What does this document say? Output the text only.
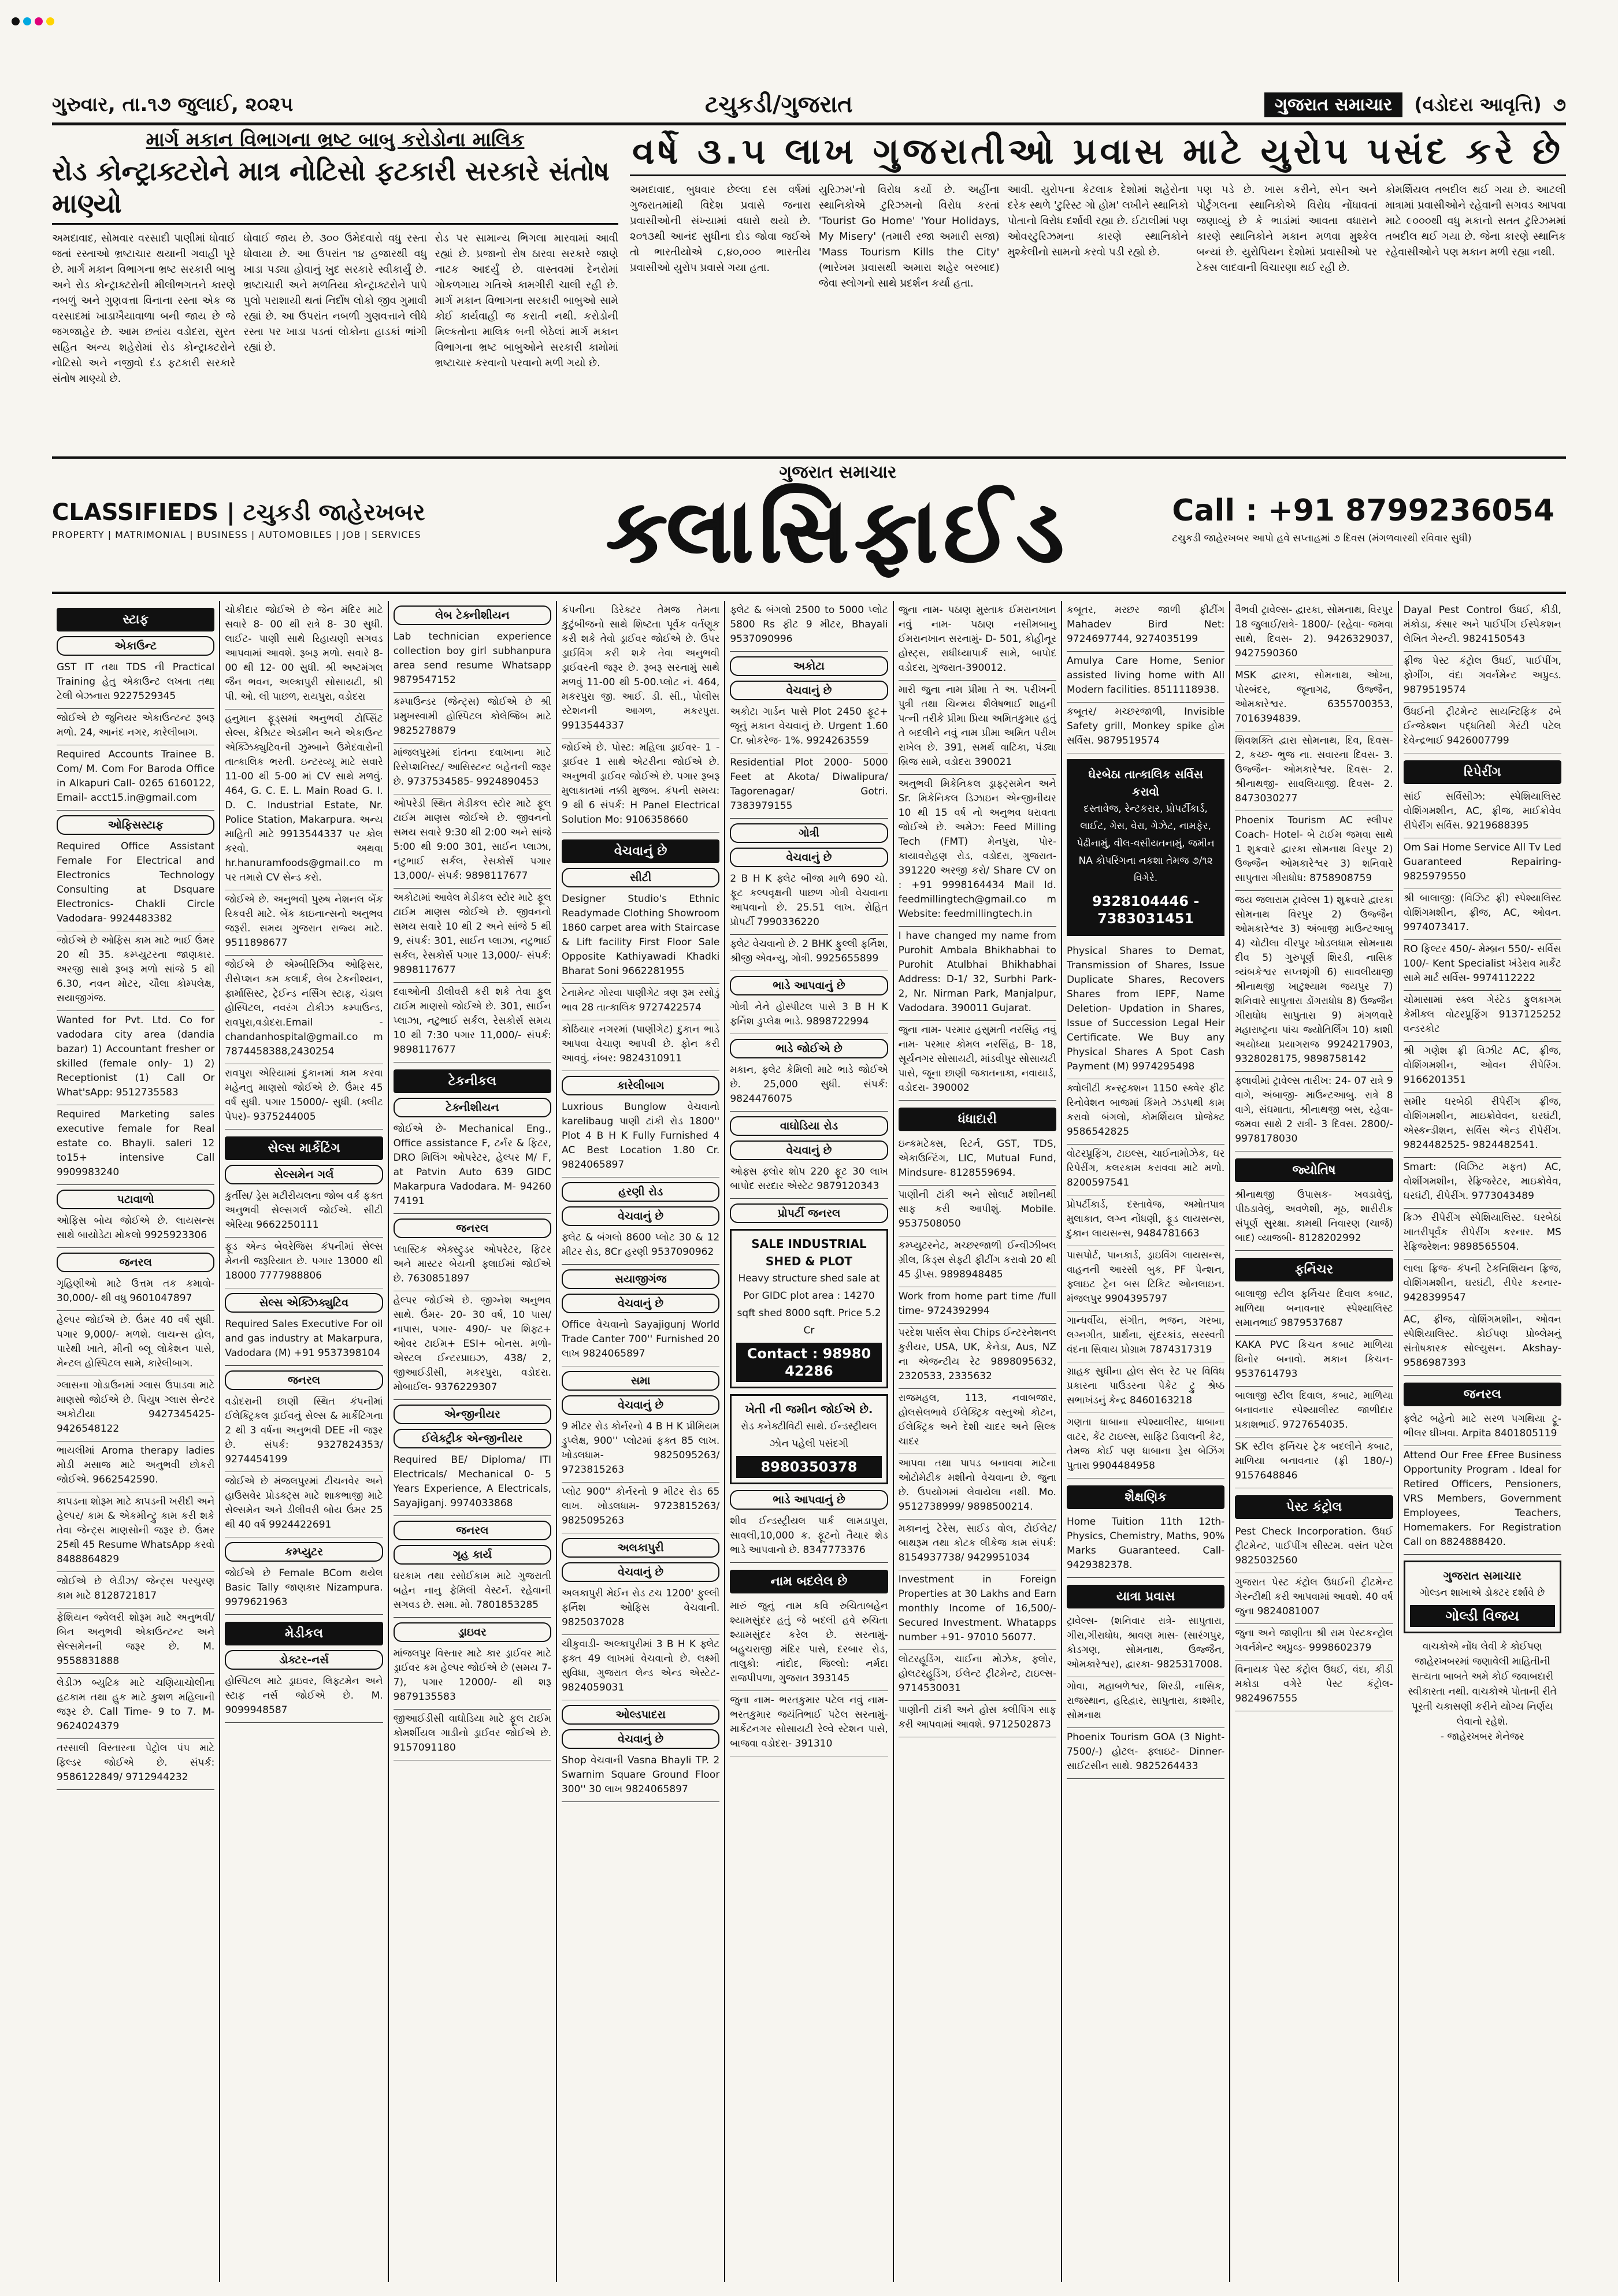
ગુરુવાર, તા.૧૭ જુલાઈ, ૨૦૨૫	ટચુકડી/ગુજરાત	ગુજરાત સમાચાર	(વડોદરા આવૃત્તિ) ૭
માર્ગ મકાન વિભાગના ભ્રષ્ટ બાબુ કરોડોના માલિક
રોડ કોન્ટ્રાક્ટરોને માત્ર નોટિસો ફટકારી સરકારે સંતોષ માણ્યો
અમદાવાદ, સોમવાર વરસાદી પાણીમાં ધોવાઈ જતાં રસ્તાઓ ભ્રષ્ટાચાર થયાની ગવાહી પૂરે છે. માર્ગ મકાન વિભાગના ભ્રષ્ટ સરકારી બાબુ અને રોડ કોન્ટ્રાક્ટરોની મીલીભગતને કારણે નબળું અને ગુણવત્તા વિનાના રસ્તા એક જ વરસાદમાં ખાડાખૈયાવાળા બની જાય છે જે જગજાહેર છે. આમ છતાંય વડોદરા, સુરત સહિત અન્ય શહેરોમાં રોડ કોન્ટ્રાક્ટરોને નોટિસો અને નજીવો દંડ ફટકારી સરકારે સંતોષ માણ્યો છે.
ધોવાઈ જાય છે. ૩૦૦ ઉમેદવારો વધુ રસ્તા ધોવાયા છે. આ ઉપરાંત ૧૪ હજારથી વધુ ખાડા પડ્યા હોવાનું ખુદ સરકારે સ્વીકાર્યું છે. ભ્રષ્ટાચારી અને મળતિયા કોન્ટ્રાક્ટરોને પાપે પુલો પરાશાયી થતાં નિર્દોષ લોકો જીવ ગુમાવી રહ્યાં છે. આ ઉપરાંત નબળી ગુણવત્તાને લીધે રસ્તા પર ખાડા પડતાં લોકોના હાડકાં ભાંગી રહ્યાં છે.
રોડ પર સામાન્ય ભિગલા મારવામાં આવી રહ્યાં છે. પ્રજાનો રોષ ઠારવા સરકારે જાણે નાટક આદર્યું છે. વાસ્તવમાં દેનરોમાં ગોકળગાય ગતિએ કામગીરી ચાલી રહી છે. માર્ગ મકાન વિભાગના સરકારી બાબુઓ સામે કોઈ કાર્યવાહી જ કરાતી નથી. કરોડોની મિલ્કતોના માલિક બની બેઠેલાં માર્ગ મકાન વિભાગના ભ્રષ્ટ બાબુઓને સરકારી કામોમાં ભ્રષ્ટાચાર કરવાનો પરવાનો મળી ગયો છે.
વર્ષે ૩.૫ લાખ ગુજરાતીઓ પ્રવાસ માટે યુરોપ પસંદ કરે છે
અમદાવાદ, બુધવાર છેલ્લા દસ વર્ષમાં ગુજરાતમાંથી વિદેશ પ્રવાસે જનારા પ્રવાસીઓની સંખ્યામાં વધારો થયો છે. ૨૦૧૩થી આનંદ સુધીના દોડ જોવા જઈએ તો ભારતીયોએ ૮,૪૦,૦૦૦ ભારતીય પ્રવાસીઓ યુરોપ પ્રવાસે ગયા હતા.
યુરિઝમ'નો વિરોધ કર્યો છે. અહીંના સ્થાનિકોએ ટુરિઝમનો વિરોધ કરતાં 'Tourist Go Home' 'Your Holidays, My Misery' (તમારી રજા અમારી સજા) 'Mass Tourism Kills the City' (ભારેખમ પ્રવાસથી અમારા શહેર બરબાદ) જેવા સ્લોગનો સાથે પ્રદર્શન કર્યા હતા.
આવી. યુરોપના કેટલાક દેશોમાં શહેરોના દરેક સ્થળે 'ટુરિસ્ટ ગો હોમ' લખીને સ્થાનિકો પોતાનો વિરોધ દર્શાવી રહ્યા છે. ઈટાલીમાં પણ ઓવરટુરિઝમના કારણે સ્થાનિકોને મુશ્કેલીનો સામનો કરવો પડી રહ્યો છે.
પણ પડે છે. ખાસ કરીને, સ્પેન અને પોર્ટુગલના સ્થાનિકોએ વિરોધ નોંધાવતાં જણાવ્યું છે કે ભાડાંમાં આવતા વધારાને કારણે સ્થાનિકોને મકાન મળવા મુશ્કેલ બન્યાં છે. યુરોપિયન દેશોમાં પ્રવાસીઓ પર ટેક્સ લાદવાની વિચારણા થઈ રહી છે.
કોમર્શિયલ તબદીલ થઈ ગયા છે. આટલી માત્રામાં પ્રવાસીઓને રહેવાની સગવડ આપવા માટે ૯૦૦૦થી વધુ મકાનો સતત ટુરિઝમમાં તબદીલ થઈ ગયા છે. જેના કારણે સ્થાનિક રહેવાસીઓને પણ મકાન મળી રહ્યા નથી.
CLASSIFIEDS | ટચુકડી જાહેરખબર
PROPERTY | MATRIMONIAL | BUSINESS | AUTOMOBILES | JOB | SERVICES
ગુજરાત સમાચાર
ક્લાસિફાઈડ	Call : +91 8799236054
ટચુકડી જાહેરખબર આપો હવે સપ્તાહમાં ૭ દિવસ (મંગળવારથી રવિવાર સુધી)
સ્ટાફ
એકાઉન્ટ
GST IT તથા TDS ની Practical Training હેતુ એકાઉન્ટ લખતા તથા ટેલી બેઝનારા 9227529345
જોઈએ છે જુનિયર એકાઉન્ટન્ટ રૂબરૂ મળો. 24, આનંદ નગર, કારેલીબાગ.
Required Accounts Trainee B. Com/ M. Com For Baroda Office in Alkapuri Call- 0265 6160122, Email- acct15.in@gmail.com
ઓફિસસ્ટાફ
Required Office Assistant Female For Electrical and Electronics Technology Consulting at Dsquare Electronics- Chakli Circle Vadodara- 9924483382
જોઈએ છે ઓફિસ કામ માટે ભાઈ ઉંમર 20 થી 35. કમ્પ્યુટરના જાણકાર. અરજી સાથે રૂબરૂ મળો સાંજે 5 થી 6.30, નવન મોટર, ચૌલા કોમ્પલેક્ષ, સયાજીગંજ.
Wanted for Pvt. Ltd. Co for vadodara city area (dandia bazar) 1) Accountant fresher or skilled (female only- 1) 2) Receptionist (1) Call Or What'sApp: 9512735583
Required Marketing sales executive female for Real estate co. Bhayli. saleri 12 to15+ intensive Call 9909983240
પટાવાળો
ઓફિસ બોય જોઈએ છે. લાયસન્સ સાથે બાયોડેટા મોકલો 9925923306
જનરલ
ગૃહિણીઓ માટે ઉત્તમ તક કમાવો- 30,000/- થી વધુ 9601047897
હેલ્પર જોઈએ છે. ઉંમર 40 વર્ષ સુધી. પગાર 9,000/- મળશે. લાયન્સ હોલ, પારેથી ખાતે, મીની બ્લૂ લોકેશન પાસે, મેન્ટલ હોસ્પિટલ સામે, કારેલીબાગ.
ગ્લાસના ગોડાઉનમાં ગ્લાસ ઉપાડવા માટે માણસો જોઈએ છે. પિયુષ ગ્લાસ સેન્ટર અકોટીયા 9427345425- 9426548122
ભાયલીમાં Aroma therapy ladies મોડી મસાજ માટે અનુભવી છોકરી જોઈએ. 9662542590.
કાપડના શોરૂમ માટે કાપડની ખરીદી અને હેલ્પર/ કામ & એકમીન્ટ્રુ કામ કરી શકે તેવા જેન્ટ્સ માણસોની જરૂર છે. ઉંમર 25થી 45 Resume WhatsApp કરવો 8488864829
જોઈએ છે લેડીઝ/ જેન્ટ્સ પરચુરણ કામ માટે 8128721817
ફેશિયન જ્વેલરી શોરૂમ માટે અનુભવી/ બિન અનુભવી એકાઉન્ટન્ટ અને સેલ્સમેનની જરૂર છે. M. 9558831888
લેડીઝ બ્યુટિક માટે ચણિયાચોલીના હટકામ તથા હુક માટે કુશળ મહિલાની જરૂર છે. Call Time- 9 to 7. M- 9624024379
તરસાલી વિસ્તારના પેટ્રોલ પંપ માટે ફિલ્ડર જોઈએ છે. સંપર્ક: 9586122849/ 9712944232
ચોકીદાર જોઈએ છે જેન મંદિર માટે સવારે 8- 00 થી રાત્રે 8- 30 સુધી. લાઈટ- પાણી સાથે રિહાયણી સગવડ આપવામાં આવશે. રૂબરૂ મળો. સવારે 8- 00 થી 12- 00 સુધી. શ્રી અષ્ટમંગલ જૈન ભવન, અલ્કાપુરી સોસાયટી, શ્રી પી. ઓ. લી પાછળ, રાયપુરા, વડોદરા
હનુમાન ફૂડ્સમાં અનુભવી ટોપ્સિંટ સેલ્સ, કેશ્રિટર એડમીન અને એકાઉન્ટ એક્ઝિક્યુટિવની ઝુમ્બાને ઉમેદવારોની તાત્કાલિક ભરતી. ઇન્ટરવ્યૂ માટે સવારે 11-00 થી 5-00 માં CV સાથે મળવું. 464, G. C. E. L. Main Road G. I. D. C. Industrial Estate, Nr. Police Station, Makarpura. અન્ય માહિતી માટે 9913544337 પર કોલ કરવો. અથવા hr.hanuramfoods@gmail.co m પર તમારો CV સેન્ડ કરો.
જોઈએ છે. અનુભવી પુરુષ નેશનલ બેંક રિકવરી માટે. બેંક કાઇનાન્સનો અનુભવ જરૂરી. સમય ગુજરાત રાજ્ય માટે. 9511898677
જોઈએ છે એમ્બીરિઝિવ ઓફિસર, રીસેપ્શન કમ કલાર્ક, લેબ ટેકનીશ્યન, ફાર્માસિસ્ટ, ટ્રેઈન્ડ નર્સિંગ સ્ટાફ, ચંડાલ હોસ્પિટલ, નવરંગ ટોકીઝ કમ્પાઉન્ડ, રાવપુરા,વડોદરા.Email - chandanhospital@gmail.co m 7874458388,2430254
રાવપુરા એરિયામાં દુકાનમાં કામ કરવા મહેનતુ માણસો જોઈએ છે. ઉંમર 45 વર્ષ સુધી. પગાર 15000/- સુધી. (ક્લીટ પેપર)- 9375244005
સેલ્સ માર્કેટિંગ
સેલ્સમેન ગર્લ
કુર્તીસ/ ડ્રેસ મટીરીયલના જોબ વર્ક ફક્ત અનુભવી સેલ્સગર્લ જોઈએ. સીટી એરિયા 9662250111
ફૂડ એન્ડ બેવરેજિસ કંપનીમાં સેલ્સ મેનની જરૂરિયાત છે. પગાર 13000 થી 18000 7777988806
સેલ્સ એક્ઝિક્યુટિવ
Required Sales Executive For oil and gas industry at Makarpura, Vadodara (M) +91 9537398104
જનરલ
વડોદરાની છાણી સ્થિત કંપનીમાં ઈલેક્ટ્રિકલ ડ્રાઈવનું સેલ્સ & માર્કેટિંગના 2 થી 3 વર્ષના અનુભવી DEE ની જરૂર છે. સંપર્ક: 9327824353/ 9274454199
જોઈએ છે મંજલપુરમાં ટીચનવેર અને હાઉસવેર પ્રોડક્ટ્સ માટે શાકભાજી માટે સેલ્સમેન અને ડીલીવરી બોય ઉંમર 25 થી 40 વર્ષ 9924422691
કમ્પ્યુટર
જોઈએ છે Female BCom થયેલ Basic Tally જાણકાર Nizampura. 9979621963
મેડીકલ
ડોક્ટર-નર્સ
હોસ્પિટલ માટે ડ્રાઇવર, લિફ્ટમેન અને સ્ટાફ નર્સ જોઈએ છે. M. 9099948587
લેબ ટેક્નીશીયન
Lab technician experience collection boy girl subhanpura area send resume Whatsapp 9879547152
કમ્પાઉન્ડર (જેન્ટ્સ) જોઈએ છે શ્રી પ્રમુખસ્વામી હોસ્પિટલ કોલેજ્રિબ માટે 9825278879
માંજલપુરમાં દાંતના દવાખાના માટે રિસેપ્શનિસ્ટ/ આસિસ્ટન્ટ બહેનની જરૂર છે. 9737534585- 9924890453
ઓપરેડી સ્થિત મેડીકલ સ્ટોર માટે ફૂલ ટાઈમ માણસ જોઈએ છે. જીવનનો સમય સવારે 9:30 થી 2:00 અને સાંજે 5:00 થી 9:00 301, સાઈન પ્લાઝા, નટુભાઈ સર્કલ, રેસકોર્સ પગાર 13,000/- સંપર્ક: 9898117677
અકોટામાં આવેલ મેડીકલ સ્ટોર માટે ફૂલ ટાઈમ માણસ જોઈએ છે. જીવનનો સમય સવારે 10 થી 2 અને સાંજે 5 થી 9, સંપર્ક: 301, સાઈન પ્લાઝા, નટુભાઈ સર્કલ, રેસકોર્સ પગાર 13,000/- સંપર્ક: 9898117677
દવાઓની ડીલીવરી કરી શકે તેવા ફુલ ટાઈમ માણસો જોઈએ છે. 301, સાઈન પ્લાઝા, નટુભાઈ સર્કલ, રેસકોર્સ સમય 10 થી 7:30 પગાર 11,000/- સંપર્ક: 9898117677
ટેકનીકલ
ટેક્નીશીયન
જોઈએ છે- Mechanical Eng., Office assistance F, ટર્નર & ફિટર, DRO મિલિંગ ઓપરેટર, હેલ્પર M/ F, at Patvin Auto 639 GIDC Makarpura Vadodara. M- 94260 74191
જનરલ
પ્લાસ્ટિક એક્સ્ટ્રુડર ઓપરેટર, ફિટર અને માસ્ટર બેયની ફ્લાઈમાં જોઈએ છે. 7630851897
હેલ્પર જોઈએ છે. જીગ્નેશ અનુભવ સાથે. ઉંમર- 20- 30 વર્ષ, 10 પાસ/ નાપાસ, પગાર- 490/- પર શિફ્ટ+ ઓવર ટાઈમ+ ESI+ બોનસ. મળો- એસ્ટલ ઈન્ટરપ્રાઇઝ, 438/ 2, જીઆઈડીસી, મકરપુરા, વડોદરા. મોબાઈલ- 9376229307
એન્જીનીયર
ઈલેક્ટ્રીક એન્જીનીયર
Required BE/ Diploma/ ITI Electricals/ Mechanical 0- 5 Years Experience, A Electricals, Sayajiganj. 9974033868
જનરલ
ગૃહ કાર્ય
ઘરકામ તથા રસોઈકામ માટે ગુજરાતી બહેન નાનુ ફેમિલી વેસ્ટર્ન. રહેવાની સગવડ છે. સમા. મો. 7801853285
ડ્રાઇવર
માંજલપુર વિસ્તાર માટે કાર ડ્રાઈવર માટે ડ્રાઈવર કમ હેલ્પર જોઈએ છે (સમય 7- 7), પગાર 12000/- થી શરૂ 9879135583
જીઆઈડીસી વાઘોડિયા માટે ફૂલ ટાઈમ કોમર્શીયલ ગાડીનો ડ્રાઈવર જોઈએ છે. 9157091180
કંપનીના ડિરેક્ટર તેમજ તેમના કુટુંબીજનો સાથે શિષ્ટતા પૂર્વક વર્તણૂક કરી શકે તેવો ડ્રાઈવર જોઈએ છે. ઉપર ડ્રાઈવિંગ કરી શકે તેવા અનુભવી ડ્રાઈવરની જરૂર છે. રૂબરૂ સરનામું સાથે મળવું 11-00 થી 5-00.પ્લોટ નં. 464, મકરપુરા જી. આઈ. ડી. સી., પોલીસ સ્ટેશનની આગળ, મકરપુરા. 9913544337
જોઈએ છે. પોસ્ટ: મહિલા ડ્રાઈવર- 1 - ડ્રાઈવર 1 સાથે એટરીના જોઈએ છે. અનુભવી ડ્રાઈવર જોઈએ છે. પગાર રૂબરૂ મુલાકાતમાં નક્કી મુજબ. કંપની સમય: 9 થી 6 સંપર્ક: H Panel Electrical Solution Mo: 9106358660
વેચવાનું છે
સીટી
Designer Studio's Ethnic Readymade Clothing Showroom 1860 carpet area with Staircase & Lift facility First Floor Sale Opposite Kathiyawadi Khadki Bharat Soni 9662281955
ટેનામેન્ટ ગોરવા પાણીગેટ ત્રણ રૂમ રસોડું ભાવ 28 તાત્કાલિક 9727422574
કોઠિયાર નગરમાં (પાણીગેટ) દુકાન ભાડે આપવા વેચાણ આપવી છે. ફોન કરી આવવું. નંબર: 9824310911
કારેલીબાગ
Luxrious Bunglow વેચવાનો karelibaug પાણી ટાંકી રોડ 1800'' Plot 4 B H K Fully Furnished 4 AC Best Location 1.80 Cr. 9824065897
હરણી રોડ
વેચવાનું છે
ફ્લેટ & બંગલો 8600 પ્લોટ 30 & 12 મીટર રોડ, 8Cr હરણી 9537090962
સયાજીગંજ
વેચવાનું છે
Office વેચવાનો Sayajigunj World Trade Canter 700'' Furnished 20 લાખ 9824065897
સમા
વેચવાનું છે
9 મીટર રોડ કોર્નરનો 4 B H K પ્રીમિયમ ડ્રુપ્લેક્ષ, 900'' પ્લોટમાં ફક્ત 85 લાખ. ખોડલધામ- 9825095263/ 9723815263
પ્લોટ 900'' કોર્નરનો 9 મીટર રોડ 65 લાખ. ખોડલધામ- 9723815263/ 9825095263
અલકાપુરી
વેચવાનું છે
અલકાપુરી મેઈન રોડ ટચ 1200' ફુલ્લી ફર્નિશ ઓફિસ વેચવાની. 9825037028
ચીકુવાડી- અલ્કાપુરીમાં 3 B H K ફ્લેટ ફક્ત 49 લાખમાં વેચવાનો છે. લક્ષ્મી સુવિધા, ગુજરાત લેન્ડ એન્ડ એસ્ટેટ- 9824059031
ઓલ્ડપાદરા
વેચવાનું છે
Shop વેચવાની Vasna Bhayli TP. 2 Swarnim Square Ground Floor 300'' 30 લાખ 9824065897
ફ્લેટ & બંગલો 2500 to 5000 પ્લોટ 5800 Rs ફીટ 9 મીટર, Bhayali 9537090996
અકોટા
વેચવાનું છે
અકોટા ગાર્ડન પાસે Plot 2450 ફૂટ+ જૂનું મકાન વેચવાનું છે. Urgent 1.60 Cr. બ્રોકરેજ- 1%. 9924263559
Residential Plot 2000- 5000 Feet at Akota/ Diwalipura/ Tagorenagar/ Gotri. 7383979155
ગોત્રી
વેચવાનું છે
2 B H K ફ્લેટ બીજા માળે 690 ચો. ફૂટ કલ્પવૃક્ષની પાછળ ગોત્રી વેચવાના આપવાનો છે. 25.51 લાખ. રોહિત પ્રોપર્ટી 7990336220
ફ્લેટ વેચવાનો છે. 2 BHK ફુલ્લી ફર્નિશ, શ્રીજી એવન્યુ, ગોત્રી. 9925655899
ભાડે આપવાનું છે
ગોત્રી નેને હોસ્પીટલ પાસે 3 B H K ફર્નિશ ડુપ્લેક્ષ ભાડે. 9898722994
ભાડે જોઈએ છે
મકાન, ફ્લેટ કેમિલી માટે ભાડે જોઈએ છે. 25,000 સુધી. સંપર્ક: 9824476075
વાઘોડિયા રોડ
વેચવાનું છે
ઓફ્સ ફ્લોર શોપ 220 ફૂટ 30 લાખ બાપોદ સરદાર એસ્ટેટ 9879120343
પ્રોપર્ટી જનરલ
SALE INDUSTRIAL SHED & PLOT
Heavy structure shed sale at Por GIDC plot area : 14270 sqft shed 8000 sqft. Price 5.2 Cr
Contact : 98980 42286
ખેતી ની જમીન જોઈએ છે.
રોડ કનેક્ટીવિટી સાથે. ઈન્ડસ્ટ્રીયલ ઝોન પહેલી પસંદગી
8980350378
ભાડે આપવાનું છે
શીવ ઈન્ડસ્ટ્રીયલ પાર્ક લામડાપુરા, સાવલી,10,000 ક્ર. ફૂટનો તૈયાર શેડ ભાડે આપવાનો છે. 8347773376
નામ બદલેલ છે
મારું જુનું નામ કવિ રુચિતાબહેન શ્યામસુંદર હતું જે બદલી હવે રુચિતા શ્યામસુંદર કરેલ છે. સરનામું- બહુચરાજી મંદિર પાસે, દરબાર રોડ, તાલુકો: નાંદોદ, જિલ્લો: નર્મદા રાજપીપળા, ગુજરાત 393145
જુના નામ- ભરતકુમાર પટેલ નવું નામ- ભરતકુમાર જયંતિભાઈ પટેલ સરનામું- માર્કેટનગર સોસાયટી રેલ્વે સ્ટેશન પાસે, બાજવા વડોદરા- 391310
જુના નામ- પઠાણ મુસ્તાક ઈમરાનખાન નવું નામ- પઠાણ નસીમબાનુ ઈમરાનખાન સરનામું- D- 501, કોહીનૂર હોસ્ટ્સ, રાધીધ્યાપાર્ક સામે, બાપોદ વડોદરા, ગુજરાત-390012.
મારી જુના નામ પ્રીમા તે અ. પરીખની પુત્રી તથા ચિન્મય શૈલેષભાઈ શાહની પત્ની તરીકે પ્રીમા પ્રિયા અમિતકુમાર હતું તે બદલીને નવું નામ પ્રીમા અમિત પરીખ રાખેલ છે. 391, સમર્થ વાટિકા, પંડ્યા બ્રિજ સામે, વડોદરા 390021
અનુભવી મિકેનિકલ ડ્રાફ્ટ્સમેન અને Sr. મિકેનિકલ ડિઝાઇન એન્જીનીયર 10 થી 15 વર્ષ નો અનુભવ ધરાવતા જોઈએ છે. અમેઝ: Feed Milling Tech (FMT) મેનપુરા, પોર- કાયાવરોહણ રોડ, વડોદરા, ગુજરાત- 391220 અરજી કરો/ Share CV on : +91 9998164434 Mail Id. feedmillingtech@gmail.co m Website: feedmillingtech.in
I have changed my name from Purohit Ambala Bhikhabhai to Purohit Atulbhai Bhikhabhai Address: D-1/ 32, Surbhi Park- 2, Nr. Nirman Park, Manjalpur, Vadodara. 390011 Gujarat.
જુના નામ- પરમાર હસુમતી નરસિંહ નવું નામ- પરમાર કોમલ નરસિંહ, B- 18, સૂર્યનગર સોસાયટી, માંડવીપુર સોસાયટી પાસે, જૂના છાણી જકાતનાકા, નવાયાર્ડ, વડોદરા- 390002
ધંધાદારી
ઇન્કમટેક્સ, રિટર્ન, GST, TDS, એકાઉન્ટિંગ, LIC, Mutual Fund, Mindsure- 8128559694.
પાણીની ટાંકી અને સોલાર્ટ મશીનથી સાફ કરી આપીશું. Mobile. 9537508050
કમ્પ્યુટરનેટ, મચ્છરજાળી ઈન્વીઝીબલ ગ્રીલ, કિડ્સ સેફ્ટી ફીટીંગ કરાવો 20 થી 45 ડ્રીપ્સ. 9898948485
Work from home part time /full time- 9724392994
પરદેશ પાર્સલ સેવા Chips ઈન્ટરનેશનલ કુરીયર, USA, UK, કેનેડા, Aus, NZ ના એજન્ટીય રેટ 9898095632, 2320533, 2335632
રાજમહલ, 113, નવાબજાર, હોલસેલભાવે ઈલેક્ટ્રિક વસ્તુઓ કોટન, ઈલેક્ટ્રિક અને દેશી ચાદર અને સિલ્ક ચાદર
આપવા તથા પાપડ બનાવવા માટેના ઓટોમેટીક મશીનો વેચવાના છે. જુના છે. ઉપયોગમાં લેવાયેલા નથી. Mo. 9512738999/ 9898500214.
મકાનનું ટેરેસ, સાઈડ વોલ, ટોઈલેટ/બાથરૂમ તથા કોટક લીકેજ કામ સંપર્ક: 8154937738/ 9429951034
Investment in Foreign Properties at 30 Lakhs and Earn monthly Income of 16,500/- Secured Investment. Whatapps number +91- 97010 56077.
લોટરહૂડિંગ, ચાઈના મોઝેક, ફ્લોર, હોલટરહૂડિંગ, ઈલેન્ટ ટ્રીટમેન્ટ, ટાઇલ્સ- 9714530031
પાણીની ટાંકી અને હોસ ક્લીપિંગ સાફ કરી આપવામાં આવશે. 9712502873
કબૂતર, મરછર જાળી ફીટીંગ Mahadev Bird Net: 9724697744, 9274035199
Amulya Care Home, Senior assisted living home with All Modern facilities. 8511118938.
કબૂતર/ મચ્છરજાળી, Invisible Safety grill, Monkey spike હોમ સર્વિસ. 9879519574
ઘેરબેઠા તાત્કાલિક સર્વિસ કરાવો
દસ્તાવેજ, રેન્ટકરાર, પ્રોપર્ટીકાર્ડ, લાઈટ, ગેસ, વેરા, ગેઝેટ, નામફેર, પેઢીનામું, વીલ-વસીયતનામું, જમીન NA કોપરિંગના નકશા તેમજ ૭/૧૨ વિગેરે.
9328104446 - 7383031451
Physical Shares to Demat, Transmission of Shares, Issue Duplicate Shares, Recovers Shares from IEPF, Name Deletion- Updation in Shares, Issue of Succession Legal Heir Certificate. We Buy any Physical Shares A Spot Cash Payment (M) 9974295498
ક્વોલીટી કન્સ્ટ્રક્શન 1150 સ્ક્વેર ફીટ રિનોવેશન બાજમાં કિંમતે ઝડપથી કામ કરાવો બંગલો, કોમર્શિયલ પ્રોજેક્ટ 9586542825
વોટરપ્રૂફિંગ, ટાઇલ્સ, ચાઈનામોઝેક, ઘર રિપેરીંગ, કલરકામ કરાવવા માટે મળો. 8200597541
પ્રોપર્ટીકાર્ડ, દસ્તાવેજ, અમોતપાત્ર મુલાકાત, લગ્ન નોંધણી, ફૂડ લાયસન્સ, દુકાન લાયસન્સ, 9484781663
પાસપોર્ટ, પાનકાર્ડ, ડ્રાઇવિંગ લાયસન્સ, વાહનની આરસી બુક, PF પેન્શન, ફ્લાઇટ ટ્રેન બસ ટિકિટ ઓનલાઇન. મંજલપુર 9904395797
ગાન્ધર્વીય, સંગીત, ભજન, ગરબા, લગ્નગીત, પ્રાર્થના, સુંદરકાંડ, સરસ્વતી વંદના સિવાય પ્રોગ્રામ 7874317319
ગ્રાહક સુધીના હોલ સેલ રેટ પર વિવિધ પ્રકારના પાઉડરના પેકેટ ટ્રુ શ્રેષ્ઠ સભાખંડનું કેન્દ્ર 8460163218
ગણતા ધાબાના સ્પેશ્યાલીસ્ટ, ધાબાના વાટર, કેંટ ટાઇલ્સ, સાફિટ ડિવાલની કેટ, તેમજ કોઈ પણ ધાબાના ડ્રેસ બેઝિંગ પુતારા 9904484958
શૈક્ષણિક
Home Tuition 11th 12th- Physics, Chemistry, Maths, 90% Marks Guaranteed. Call- 9429382378.
યાત્રા પ્રવાસ
ટ્રાવેલ્સ- (શનિવાર રાત્રે- સાપુતારા, ગીરા,ગીરાધોધ, શ્રાવણ માસ- (સારંગપુર, કોડગણ, સોમનાથ, ઉજ્જૈન, ઓમકારેશ્વર), દ્વારકા- 9825317008.
ગોવા, મહાબળેશ્વર, શિરડી, નાસિક, રાજસ્થાન, હરિદ્વાર, સાપુતારા, કાશ્મીર, સોમનાથ
Phoenix Tourism GOA (3 Night- 7500/-) હોટલ- ફ્લાઇટ- Dinner- સાઈટસીન સાથે. 9825264433
વૈભવી ટ્રાવેલ્સ- દ્વારકા, સોમનાથ, વિરપુર 18 જુલાઈ/રાત્રે- 1800/- (રહેવા- જમવા સાથે, દિવસ- 2). 9426329037, 9427590360
MSK દ્વારકા, સોમનાથ, ઓખા, પોરબંદર, જૂનાગઢ, ઉજ્જૈન, ઓમકારેશ્વર. 6355700353, 7016394839.
શિવશક્તિ દ્વારા સોમનાથ, દિવ, દિવસ- 2, કચ્છ- ભુજ ના. સવારના દિવસ- 3. ઉજ્જૈન- ઓમકારેશ્વર. દિવસ- 2. શ્રીનાથજી- સાવલિયાજી. દિવસ- 2. 8473030277
Phoenix Tourism AC સ્લીપર Coach- Hotel- બે ટાઈમ જમવા સાથે 1 શુક્રવારે દ્વારકા સોમનાથ વિરપુર 2) ઉજ્જૈન ઓમકારેશ્વર 3) શનિવારે સાપુતારા ગીરાધોધ: 8758908759
જય જલારામ ટ્રાવેલ્સ 1) શુક્રવારે દ્વારકા સોમનાથ વિરપુર 2) ઉજ્જૈન ઓમકારેશ્વર 3) અંબાજી માઉન્ટઆબુ 4) ચોટીલા વીરપુર ખોડલધામ સોમનાથ દીવ 5) ગુરુપૂર્ણ શિરડી, નાસિક ત્ર્યંબકેશ્વર સપ્તશૃંગી 6) સાવલીયાજી શ્રીનાથજી ખાટુશ્યામ જયપુર 7) શનિવારે સાપુતારા ડોંગરાધોધ 8) ઉજ્જૈન ગીરાધોધ સાપુતારા 9) મંગળવારે મહારાષ્ટ્રના પાંચ જ્યોતિર્લિંગ 10) કાશી અયોધ્યા પ્રયાગરાજ 9924217903, 9328028175, 9898758142
ફ્લાવીમાં ટ્રાવેલ્સ તારીખ: 24- 07 રાત્રે 9 વાગે, અંબાજી- માઉન્ટઆબુ. રાત્રે 8 વાગે, સંઘમાતા, શ્રીનાથજી બસ, રહેવા- જમવા સાથે 2 રાત્રી- 3 દિવસ. 2800/- 9978178030
જ્યોતિષ
શ્રીનાથજી ઉપાસક- ખવડાવેલું, પીઠડાવેલું, અવળેશી, મૂઠ, શારીરીક સંપૂર્ણ સુરક્ષા. કામથી નિવારણ (ચાર્જ) બાદ) વ્યાજબી- 8128202992
ફર્નિચર
બાલાજી સ્ટીલ ફર્નિચર દિવાલ કબાટ, માળિયા બનાવનાર સ્પેશ્યાલિસ્ટ સમાનભાઈ 9879537687
KAKA PVC કિચન કબાટ માળિયા ઘિનોર બનાવો. મકાન કિચન- 9537614793
બાલાજી સ્ટીલ દિવાલ, કબાટ, માળિયા બનાવનાર સ્પેશ્યાલીસ્ટ જાળીદાર પ્રકાશભાઈ. 9727654035.
SK સ્ટીલ ફર્નિચર ટ્રેક બદલીને કબાટ, માળિયા બનાવનાર (ફ્રી 180/-) 9157648846
પેસ્ટ કંટ્રોલ
Pest Check Incorporation. ઉધઈ ટ્રીટમેન્ટ, પાઈપીંગ સીસ્ટમ. વસંત પટેલ 9825032560
ગુજરાત પેસ્ટ કંટ્રોલ ઉધઈની ટ્રીટમેન્ટ ગેરન્ટીથી કરી આપવામાં આવશે. 40 વર્ષ જુના 9824081007
જુના અને જાણીતા શ્રી રામ પેસ્ટકન્ટ્રોલ ગવર્નમેન્ટ અપ્રુવ્ડ- 9998602379
વિનાયક પેસ્ટ કંટ્રોલ ઉધઈ, વંદા, કીડી મકોડા વગેરે પેસ્ટ કંટ્રોલ- 9824967555
Dayal Pest Control ઉધઈ, કીડી, મંકોડા, કંસાર અને પાઈપીંગ ઈસ્પેકશન લેખિત ગેરન્ટી. 9824150543
ફ્રીજ પેસ્ટ કંટ્રોલ ઉધઈ, પાઈપીંગ, ફોગીંગ, વંદા ગવર્નમેન્ટ અપ્રુવ્ડ. 9879519574
ઉધઈની ટ્રીટમેન્ટ સાયન્ટિફિક ઢબે ઈન્જેક્શન પદ્ધતિથી ગેરંટી પટેલ દેવેન્દ્રભાઈ 9426007799
રિપેરીંગ
સાંઈ સર્વિસીઝ: સ્પેશિયાલિસ્ટ વોશિંગમશીન, AC, ફ્રીજ, માઈક્રોવેવ રીપેરીંગ સર્વિસ. 9219688395
Om Sai Home Service All Tv Led Guaranteed Repairing- 9825979550
શ્રી બાલાજી: (વિઝિટ ફ્રી) સ્પેશ્યાલિસ્ટ વોશિંગમશીન, ફ્રીજ, AC, ઓવન. 9974073417.
RO ફિલ્ટર 450/- મેમ્બ્રન 550/- સર્વિસ 100/- Kent Specialist ખંડેરાવ માર્કેટ સામે માર્ટ સર્વિસ- 9974112222
ચોમાસામાં સ્ક્લ ગેરંટેડ ફુલકાગમ કેમીકલ વોટરપ્રૂફિંગ 9137125252 વન્ડરકોટ
શ્રી ગણેશ ફ્રી વિઝીટ AC, ફ્રીજ, વોશિંગમશીન, ઓવન રીપેરિંગ. 9166201351
સમીર ઘરબેઠી રીપેરીંગ ફ્રીજ, વોશિંગમશીન, માઇક્રોવેવન, ઘરઘંટી, એસ્કન્ડીશન, સર્વિસ એન્ડ રીપેરીંગ. 9824482525- 9824482541.
Smart: (વિઝિટ મફત) AC, વોશીંગમશીન, રેફ્રિજરેટર, માઇક્રોવેવ, ઘરઘંટી, રીપેરીંગ. 9773043489
ક્રિઝ રીપેરીંગ સ્પેશિયાલિસ્ટ. ઘરબેઠાં ખાતરીપૂર્વક રીપેરીંગ કરનાર. MS રેફ્રિજરેશન: 9898565504.
લાલા ફ્રિજ- કંપની ટેકનિશિયન ફ્રિજ, વોશિંગમશીન, ઘરઘંટી, રીપેર કરનાર- 9428399547
AC, ફ્રીજ, વોશિંગમશીન, ઓવન સ્પેશિયાલિસ્ટ. કોઈપણ પ્રોબ્લેમનું સંતોષકારક સોલ્યુસન. Akshay- 9586987393
જનરલ
ફ્લેટ બહેનો માટે સરળ પગથિયા ટ્રૂ- ભીલર ઘીખવા. Arpita 8401805119
Attend Our Free £Free Business Opportunity Program . Ideal for Retired Officers, Pensioners, VRS Members, Government Employees, Teachers, Homemakers. For Registration Call on 8824888420.
ગુજરાત સમાચાર
ગોલ્ડન શાખાએ ડોક્ટર દર્શાવે છે
ગોલ્ડી વિજય
વાચકોએ નોંધ લેવી કે કોઈપણ જાહેરખબરમાં જણાવેલી માહિતીની સત્યતા બાબતે અમે કોઈ જવાબદારી સ્વીકારતા નથી. વાચકોએ પોતાની રીતે પૂરતી ચકાસણી કરીને યોગ્ય નિર્ણય લેવાનો રહેશે.
- જાહેરખબર મેનેજર
